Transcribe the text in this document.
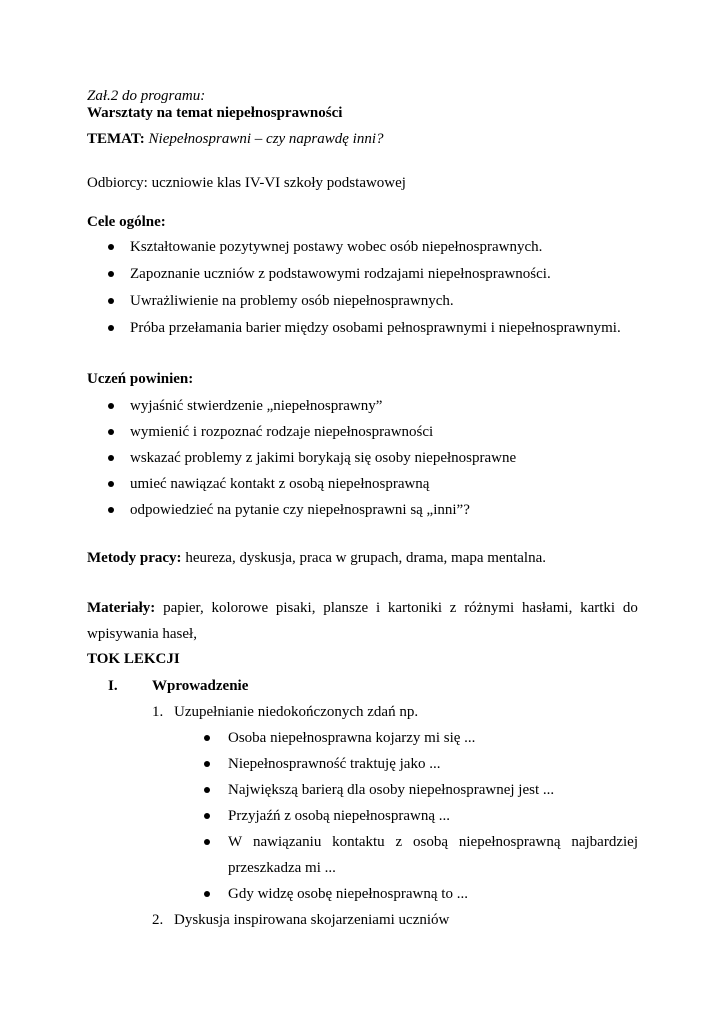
Zał.2 do programu:
Warsztaty na temat niepełnosprawności
TEMAT: Niepełnosprawni – czy naprawdę inni?
Odbiorcy: uczniowie klas IV-VI szkoły podstawowej
Cele ogólne:
Kształtowanie pozytywnej postawy wobec osób niepełnosprawnych.
Zapoznanie uczniów z podstawowymi rodzajami niepełnosprawności.
Uwrażliwienie na problemy osób niepełnosprawnych.
Próba przełamania barier między osobami pełnosprawnymi i niepełnosprawnymi.
Uczeń powinien:
wyjaśnić stwierdzenie „niepełnosprawny”
wymienić i rozpoznać rodzaje niepełnosprawności
wskazać problemy z jakimi borykają się osoby niepełnosprawne
umieć nawiązać kontakt z osobą niepełnosprawną
odpowiedzieć na pytanie czy niepełnosprawni są „inni”?
Metody pracy: heureza, dyskusja, praca w grupach, drama, mapa mentalna.
Materiały: papier, kolorowe pisaki, plansze i kartoniki z różnymi hasłami, kartki do
wpisywania haseł,
TOK LEKCJI
I. Wprowadzenie
1. Uzupełnianie niedokończonych zdań np.
Osoba niepełnosprawna kojarzy mi się ...
Niepełnosprawność traktuję jako ...
Największą barierą dla osoby niepełnosprawnej jest ...
Przyjaźń z osobą niepełnosprawną ...
W nawiązaniu kontaktu z osobą niepełnosprawną najbardziej
przeszkadza mi ...
Gdy widzę osobę niepełnosprawną to ...
2. Dyskusja inspirowana skojarzeniami uczniów
